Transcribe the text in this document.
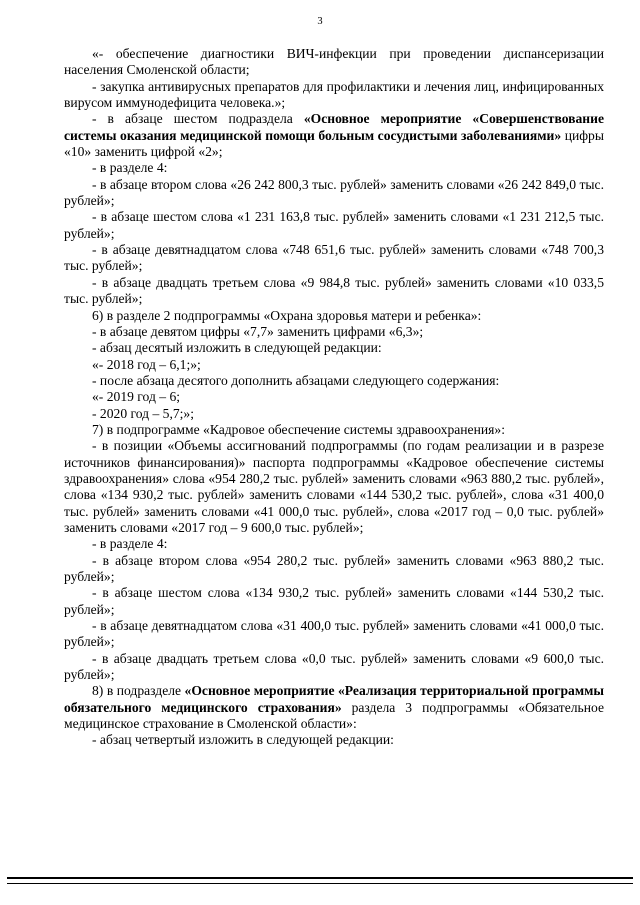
3

«- обеспечение диагностики ВИЧ-инфекции при проведении диспансеризации населения Смоленской области;

- закупка антивирусных препаратов для профилактики и лечения лиц, инфицированных вирусом иммунодефицита человека.»;

- в абзаце шестом подраздела «Основное мероприятие «Совершенствование системы оказания медицинской помощи больным сосудистыми заболеваниями» цифры «10» заменить цифрой «2»;

- в разделе 4:

- в абзаце втором слова «26 242 800,3 тыс. рублей» заменить словами «26 242 849,0 тыс. рублей»;

- в абзаце шестом слова «1 231 163,8 тыс. рублей» заменить словами «1 231 212,5 тыс. рублей»;

- в абзаце девятнадцатом слова «748 651,6 тыс. рублей» заменить словами «748 700,3 тыс. рублей»;

- в абзаце двадцать третьем слова «9 984,8 тыс. рублей» заменить словами «10 033,5 тыс. рублей»;

6) в разделе 2 подпрограммы «Охрана здоровья матери и ребенка»:

- в абзаце девятом цифры «7,7» заменить цифрами «6,3»;

- абзац десятый изложить в следующей редакции:

«- 2018 год – 6,1;»;

- после абзаца десятого дополнить абзацами следующего содержания:

«- 2019 год – 6;

- 2020 год – 5,7;»;

7) в подпрограмме «Кадровое обеспечение системы здравоохранения»:

- в позиции «Объемы ассигнований подпрограммы (по годам реализации и в разрезе источников финансирования)» паспорта подпрограммы «Кадровое обеспечение системы здравоохранения» слова «954 280,2 тыс. рублей» заменить словами «963 880,2 тыс. рублей», слова «134 930,2 тыс. рублей» заменить словами «144 530,2 тыс. рублей», слова «31 400,0 тыс. рублей» заменить словами «41 000,0 тыс. рублей», слова «2017 год – 0,0 тыс. рублей» заменить словами «2017 год – 9 600,0 тыс. рублей»;

- в разделе 4:

- в абзаце втором слова «954 280,2 тыс. рублей» заменить словами «963 880,2 тыс. рублей»;

- в абзаце шестом слова «134 930,2 тыс. рублей» заменить словами «144 530,2 тыс. рублей»;

- в абзаце девятнадцатом слова «31 400,0 тыс. рублей» заменить словами «41 000,0 тыс. рублей»;

- в абзаце двадцать третьем слова «0,0 тыс. рублей» заменить словами «9 600,0 тыс. рублей»;

8) в подразделе «Основное мероприятие «Реализация территориальной программы обязательного медицинского страхования» раздела 3 подпрограммы «Обязательное медицинское страхование в Смоленской области»:

- абзац четвертый изложить в следующей редакции:
